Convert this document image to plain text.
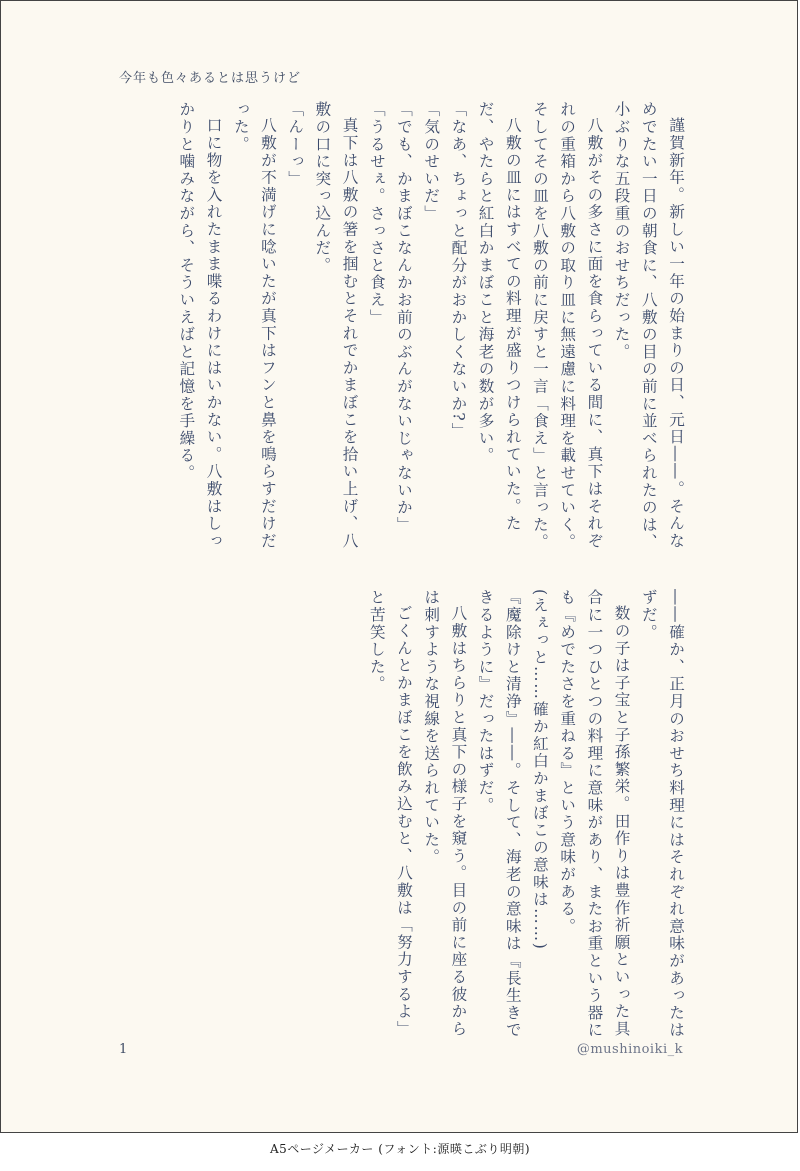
今年も色々あるとは思うけど

謹賀新年。新しい一年の始まりの日、元日――。そんなめでたい一日の朝食に、八敷の目の前に並べられたのは、小ぶりな五段重のおせちだった。

八敷がその多さに面を食らっている間に、真下はそれぞれの重箱から八敷の取り皿に無遠慮に料理を載せていく。そしてその皿を八敷の前に戻すと一言「食え」と言った。

八敷の皿にはすべての料理が盛りつけられていた。ただ、やたらと紅白かまぼこと海老の数が多い。

「なあ、ちょっと配分がおかしくないか?」

「気のせいだ」

「でも、かまぼこなんかお前のぶんがないじゃないか」

「うるせぇ。さっさと食え」

真下は八敷の箸を掴むとそれでかまぼこを拾い上げ、八敷の口に突っ込んだ。

「んーっ」

八敷が不満げに唸いたが真下はフンと鼻を鳴らすだけだった。

口に物を入れたまま喋るわけにはいかない。八敷はしっかりと噛みながら、そういえばと記憶を手繰る。

――確か、正月のおせち料理にはそれぞれ意味があったはずだ。

数の子は子宝と子孫繁栄。田作りは豊作祈願といった具合に一つひとつの料理に意味があり、またお重という器にも『めでたさを重ねる』という意味がある。

(えぇっと……確か紅白かまぼこの意味は……)

『魔除けと清浄』――。そして、海老の意味は『長生きできるように』だったはずだ。

八敷はちらりと真下の様子を窺う。目の前に座る彼からは刺すような視線を送られていた。

ごくんとかまぼこを飲み込むと、八敷は「努力するよ」と苦笑した。

1	@mushinoiki_k
A5ページメーカー (フォント:源暎こぶり明朝)
